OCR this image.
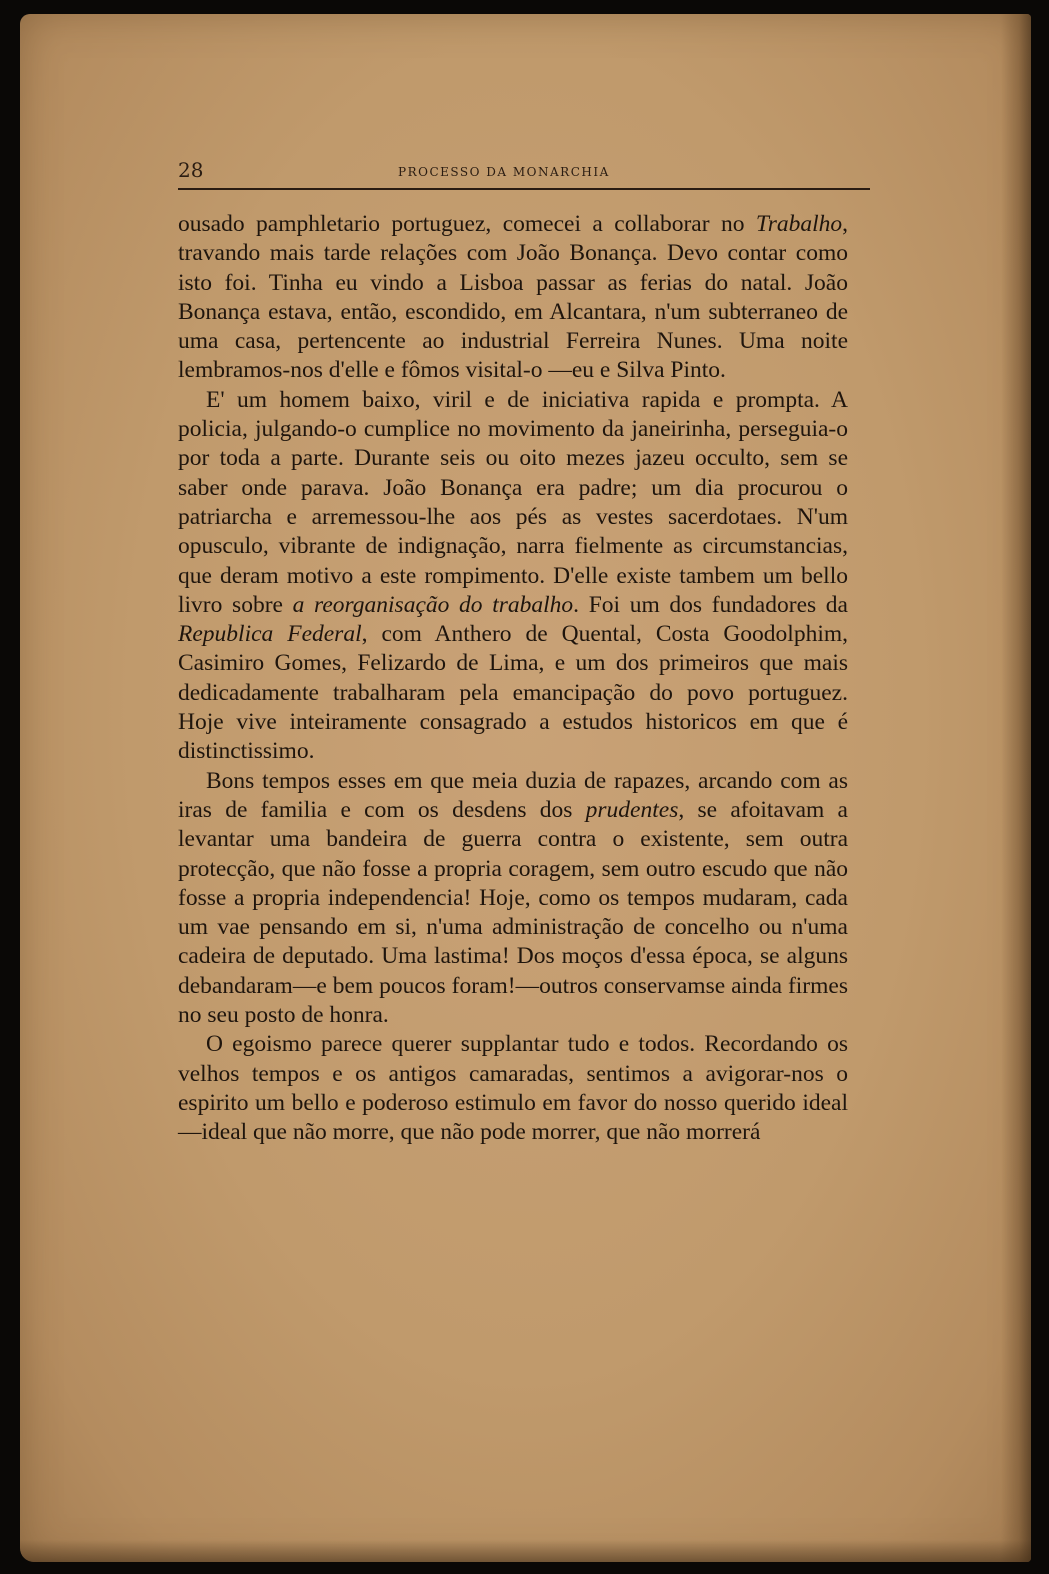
28	PROCESSO DA MONARCHIA

ousado pamphletario portuguez, comecei a collaborar no Trabalho, travando mais tarde relações com João Bonança. Devo contar como isto foi. Tinha eu vindo a Lisboa passar as ferias do natal. João Bonança estava, então, escondido, em Alcantara, n'um subterraneo de uma casa, pertencente ao industrial Ferreira Nunes. Uma noite lembramos-nos d'elle e fômos visital-o —eu e Silva Pinto.

E' um homem baixo, viril e de iniciativa rapida e prompta. A policia, julgando-o cumplice no movimento da janeirinha, perseguia-o por toda a parte. Durante seis ou oito mezes jazeu occulto, sem se saber onde parava. João Bonança era padre; um dia procurou o patriarcha e arremessou-lhe aos pés as vestes sacerdotaes. N'um opusculo, vibrante de indignação, narra fielmente as circumstancias, que deram motivo a este rompimento. D'elle existe tambem um bello livro sobre a reorganisação do trabalho. Foi um dos fundadores da Republica Federal, com Anthero de Quental, Costa Goodolphim, Casimiro Gomes, Felizardo de Lima, e um dos primeiros que mais dedicadamente trabalharam pela emancipação do povo portuguez. Hoje vive inteiramente consagrado a estudos historicos em que é distinctissimo.

Bons tempos esses em que meia duzia de rapazes, arcando com as iras de familia e com os desdens dos prudentes, se afoitavam a levantar uma bandeira de guerra contra o existente, sem outra protecção, que não fosse a propria coragem, sem outro escudo que não fosse a propria independencia! Hoje, como os tempos mudaram, cada um vae pensando em si, n'uma administração de concelho ou n'uma cadeira de deputado. Uma lastima! Dos moços d'essa época, se alguns debandaram—e bem poucos foram!—outros conservamse ainda firmes no seu posto de honra.

O egoismo parece querer supplantar tudo e todos. Recordando os velhos tempos e os antigos camaradas, sentimos a avigorar-nos o espirito um bello e poderoso estimulo em favor do nosso querido ideal—ideal que não morre, que não pode morrer, que não morrerá
